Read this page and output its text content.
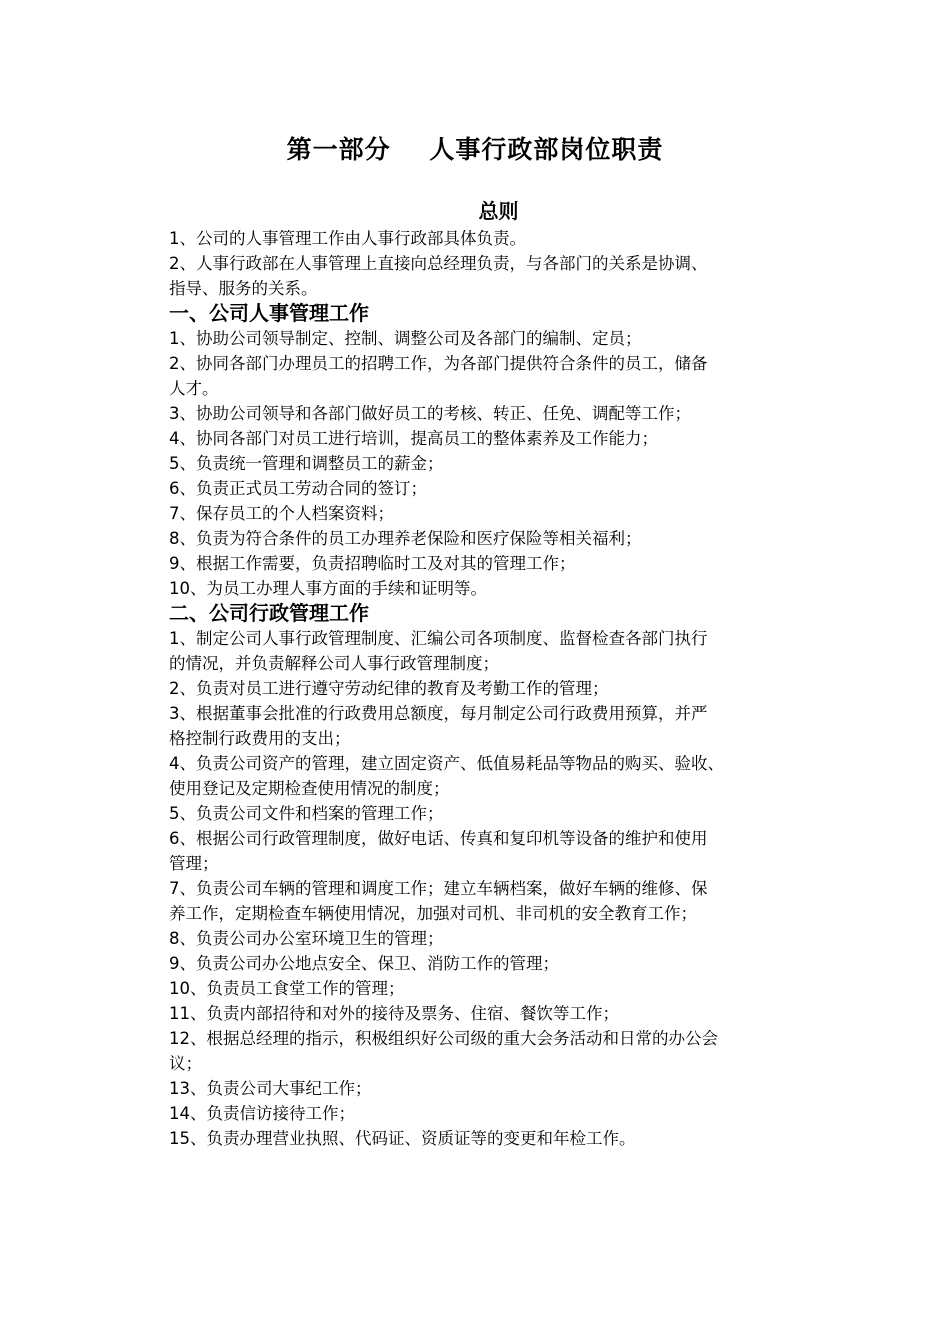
第一部分    人事行政部岗位职责
总则
1、公司的人事管理工作由人事行政部具体负责。
2、人事行政部在人事管理上直接向总经理负责，与各部门的关系是协调、
指导、服务的关系。
一、公司人事管理工作
1、协助公司领导制定、控制、调整公司及各部门的编制、定员；
2、协同各部门办理员工的招聘工作，为各部门提供符合条件的员工，储备
人才。
3、协助公司领导和各部门做好员工的考核、转正、任免、调配等工作；
4、协同各部门对员工进行培训，提高员工的整体素养及工作能力；
5、负责统一管理和调整员工的薪金；
6、负责正式员工劳动合同的签订；
7、保存员工的个人档案资料；
8、负责为符合条件的员工办理养老保险和医疗保险等相关福利；
9、根据工作需要，负责招聘临时工及对其的管理工作；
10、为员工办理人事方面的手续和证明等。
二、公司行政管理工作
1、制定公司人事行政管理制度、汇编公司各项制度、监督检查各部门执行
的情况，并负责解释公司人事行政管理制度；
2、负责对员工进行遵守劳动纪律的教育及考勤工作的管理；
3、根据董事会批准的行政费用总额度，每月制定公司行政费用预算，并严
格控制行政费用的支出；
4、负责公司资产的管理，建立固定资产、低值易耗品等物品的购买、验收、
使用登记及定期检查使用情况的制度；
5、负责公司文件和档案的管理工作；
6、根据公司行政管理制度，做好电话、传真和复印机等设备的维护和使用
管理；
7、负责公司车辆的管理和调度工作；建立车辆档案，做好车辆的维修、保
养工作，定期检查车辆使用情况，加强对司机、非司机的安全教育工作；
8、负责公司办公室环境卫生的管理；
9、负责公司办公地点安全、保卫、消防工作的管理；
10、负责员工食堂工作的管理；
11、负责内部招待和对外的接待及票务、住宿、餐饮等工作；
12、根据总经理的指示，积极组织好公司级的重大会务活动和日常的办公会
议；
13、负责公司大事纪工作；
14、负责信访接待工作；
15、负责办理营业执照、代码证、资质证等的变更和年检工作。
